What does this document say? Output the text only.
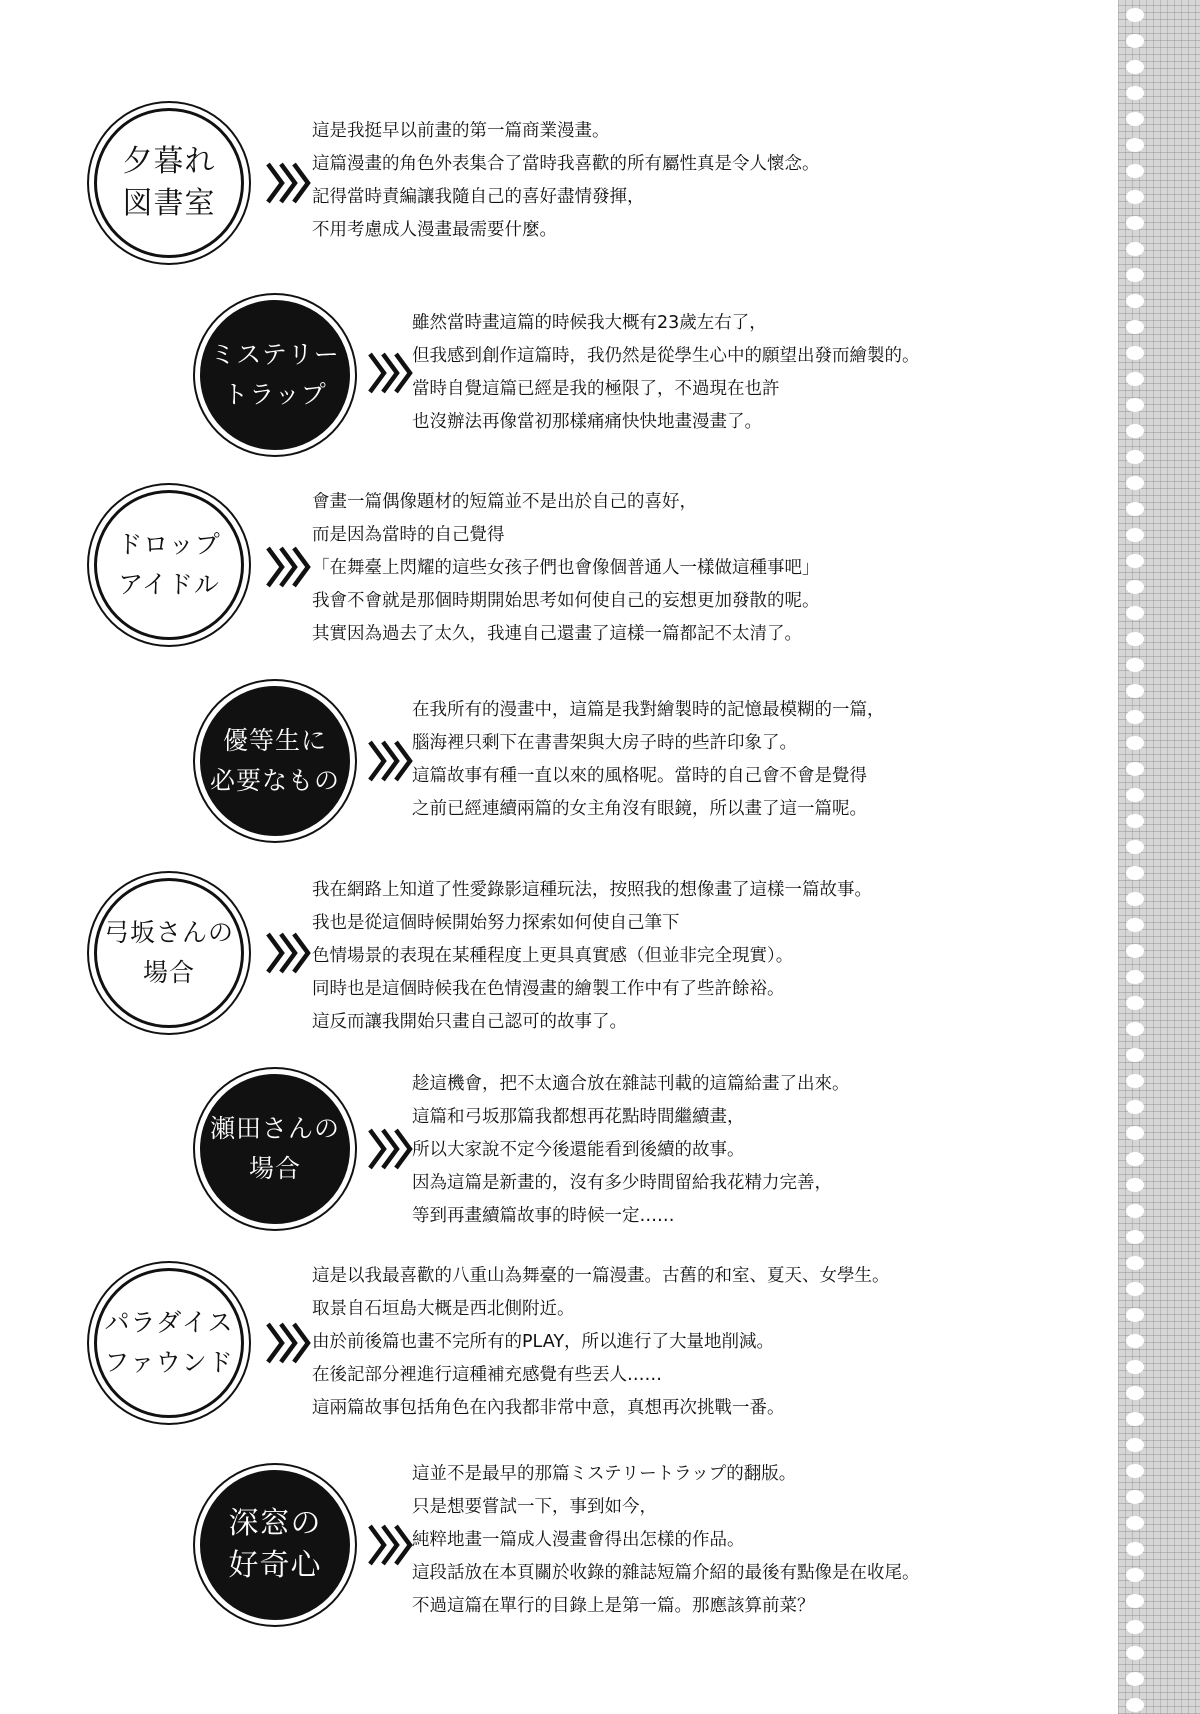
夕暮れ
図書室
這是我挺早以前畫的第一篇商業漫畫。
這篇漫畫的角色外表集合了當時我喜歡的所有屬性真是令人懷念。
記得當時責編讓我隨自己的喜好盡情發揮，
不用考慮成人漫畫最需要什麼。
ミステリー
トラップ
雖然當時畫這篇的時候我大概有23歲左右了，
但我感到創作這篇時，我仍然是從學生心中的願望出發而繪製的。
當時自覺這篇已經是我的極限了，不過現在也許
也沒辦法再像當初那樣痛痛快快地畫漫畫了。
ドロップ
アイドル
會畫一篇偶像題材的短篇並不是出於自己的喜好，
而是因為當時的自己覺得
「在舞臺上閃耀的這些女孩子們也會像個普通人一樣做這種事吧」
我會不會就是那個時期開始思考如何使自己的妄想更加發散的呢。
其實因為過去了太久，我連自己還畫了這樣一篇都記不太清了。
優等生に
必要なもの
在我所有的漫畫中，這篇是我對繪製時的記憶最模糊的一篇，
腦海裡只剩下在書書架與大房子時的些許印象了。
這篇故事有種一直以來的風格呢。當時的自己會不會是覺得
之前已經連續兩篇的女主角沒有眼鏡，所以畫了這一篇呢。
弓坂さんの
場合
我在網路上知道了性愛錄影這種玩法，按照我的想像畫了這樣一篇故事。
我也是從這個時候開始努力探索如何使自己筆下
色情場景的表現在某種程度上更具真實感（但並非完全現實）。
同時也是這個時候我在色情漫畫的繪製工作中有了些許餘裕。
這反而讓我開始只畫自己認可的故事了。
瀬田さんの
場合
趁這機會，把不太適合放在雜誌刊載的這篇給畫了出來。
這篇和弓坂那篇我都想再花點時間繼續畫，
所以大家說不定今後還能看到後續的故事。
因為這篇是新畫的，沒有多少時間留給我花精力完善，
等到再畫續篇故事的時候一定……
パラダイス
ファウンド
這是以我最喜歡的八重山為舞臺的一篇漫畫。古舊的和室、夏天、女學生。
取景自石垣島大概是西北側附近。
由於前後篇也畫不完所有的PLAY，所以進行了大量地削減。
在後記部分裡進行這種補充感覺有些丟人……
這兩篇故事包括角色在內我都非常中意，真想再次挑戰一番。
深窓の
好奇心
這並不是最早的那篇ミステリートラップ的翻版。
只是想要嘗試一下，事到如今，
純粹地畫一篇成人漫畫會得出怎樣的作品。
這段話放在本頁關於收錄的雜誌短篇介紹的最後有點像是在收尾。
不過這篇在單行的目錄上是第一篇。那應該算前菜？
